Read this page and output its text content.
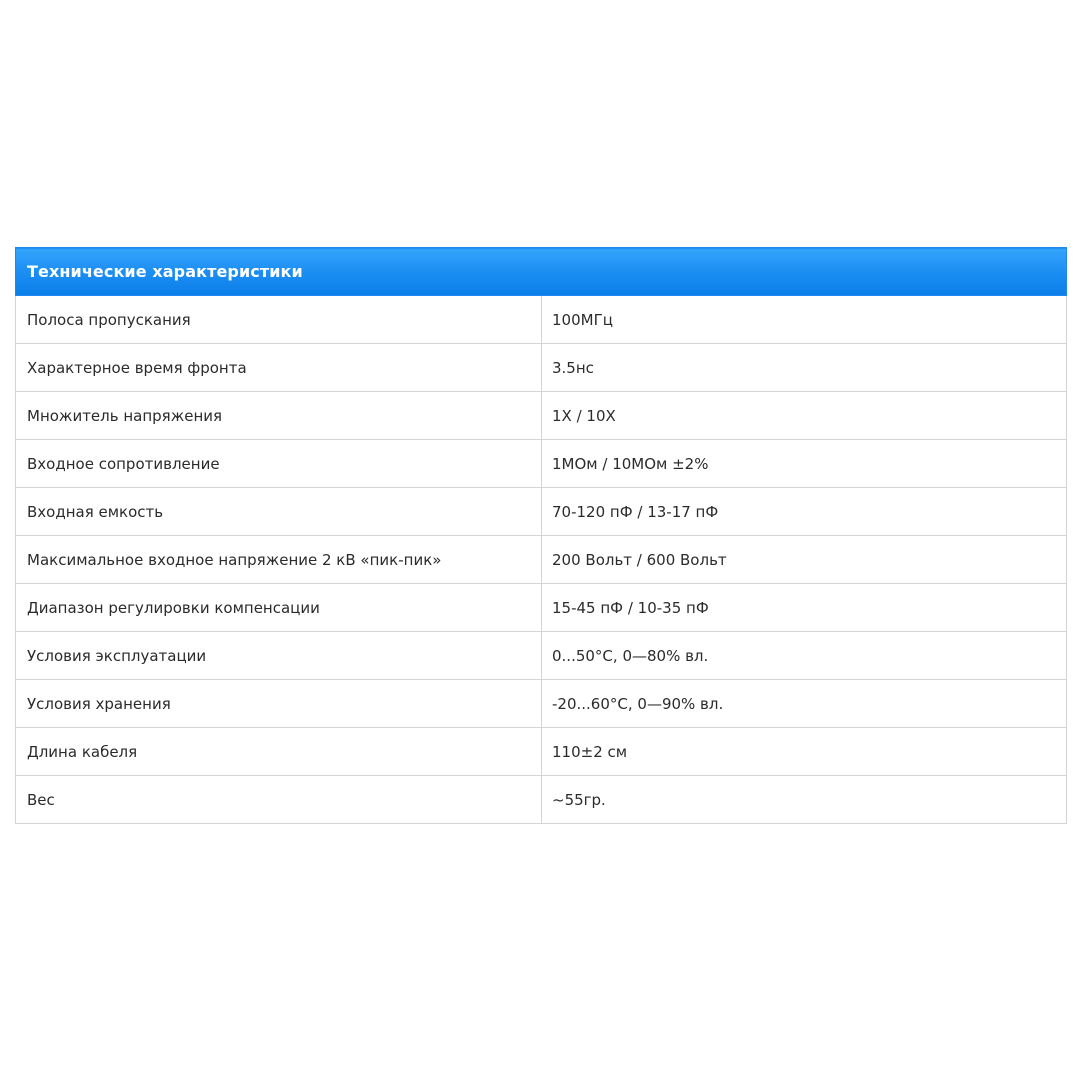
Технические характеристики	
Полоса пропускания	100МГц
Характерное время фронта	3.5нс
Множитель напряжения	1X / 10X
Входное сопротивление	1МОм / 10МОм ±2%
Входная емкость	70-120 пФ / 13-17 пФ
Максимальное входное напряжение 2 кВ «пик-пик»	200 Вольт / 600 Вольт
Диапазон регулировки компенсации	15-45 пФ / 10-35 пФ
Условия эксплуатации	0...50°C, 0—80% вл.
Условия хранения	-20...60°C, 0—90% вл.
Длина кабеля	110±2 см
Вес	~55гр.
